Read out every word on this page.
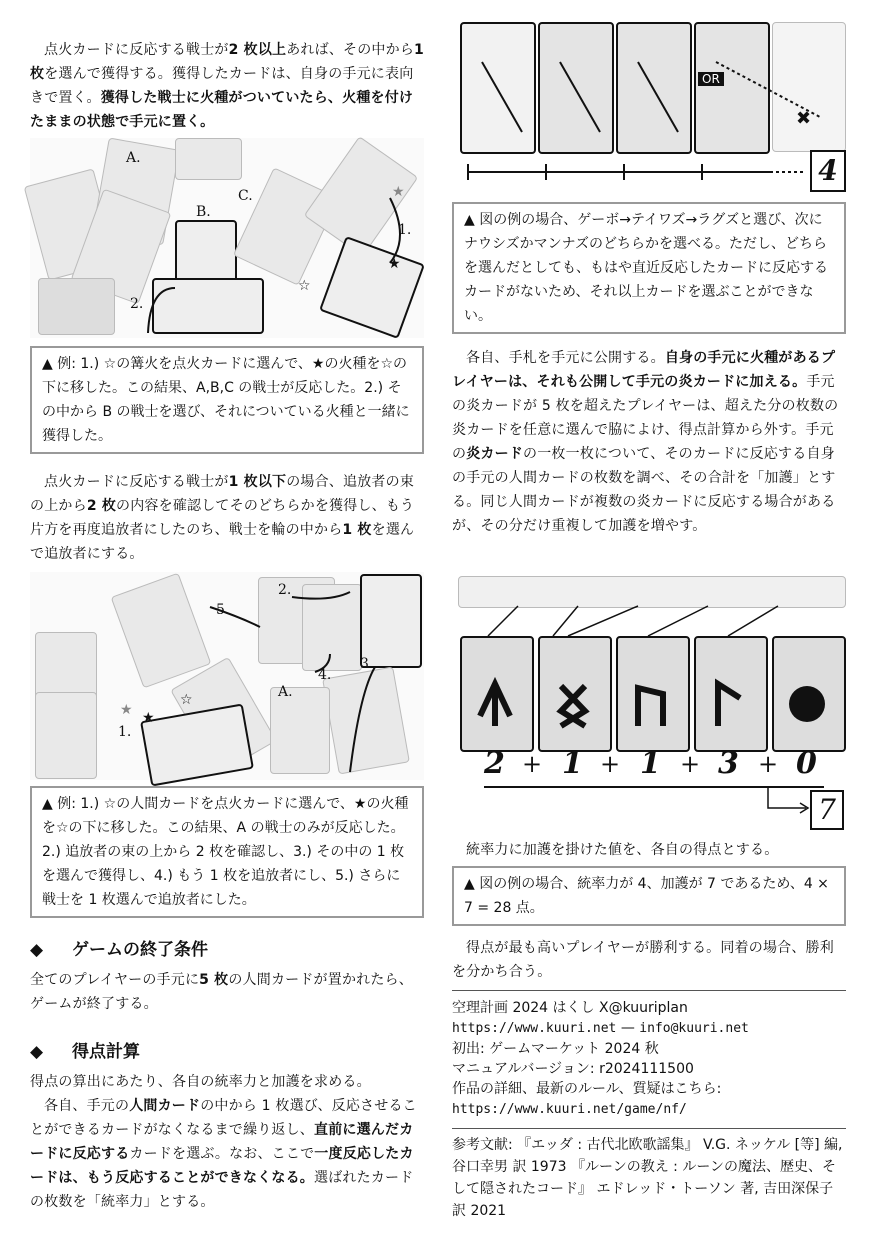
点火カードに反応する戦士が2 枚以上あれば、その中から1 枚を選んで獲得する。獲得したカードは、自身の手元に表向きで置く。獲得した戦士に火種がついていたら、火種を付けたままの状態で手元に置く。

A.
B.
C.
1.
2.
★
★
☆
▲ 例: 1.) ☆の篝火を点火カードに選んで、★の火種を☆の下に移した。この結果、A,B,C の戦士が反応した。2.) その中から B の戦士を選び、それについている火種と一緒に獲得した。

点火カードに反応する戦士が1 枚以下の場合、追放者の束の上から2 枚の内容を確認してそのどちらかを獲得し、もう片方を再度追放者にしたのち、戦士を輪の中から1 枚を選んで追放者にする。

5.
2.
4.
3.
A.
1.
★ ★
☆
▲ 例: 1.) ☆の人間カードを点火カードに選んで、★の火種を☆の下に移した。この結果、A の戦士のみが反応した。2.) 追放者の束の上から 2 枚を確認し、3.) その中の 1 枚を選んで獲得し、4.) もう 1 枚を追放者にし、5.) さらに戦士を 1 枚選んで追放者にした。
◆ ゲームの終了条件

全てのプレイヤーの手元に5 枚の人間カードが置かれたら、ゲームが終了する。

◆ 得点計算

得点の算出にあたり、各自の統率力と加護を求める。

各自、手元の人間カードの中から 1 枚選び、反応させることができるカードがなくなるまで繰り返し、直前に選んだカードに反応するカードを選ぶ。なお、ここで一度反応したカードは、もう反応することができなくなる。選ばれたカードの枚数を「統率力」とする。

OR
✖
4
▲ 図の例の場合、ゲーボ→テイワズ→ラグズと選び、次にナウシズかマンナズのどちらかを選べる。ただし、どちらを選んだとしても、もはや直近反応したカードに反応するカードがないため、それ以上カードを選ぶことができない。

各自、手札を手元に公開する。自身の手元に火種があるプレイヤーは、それも公開して手元の炎カードに加える。手元の炎カードが 5 枚を超えたプレイヤーは、超えた分の枚数の炎カードを任意に選んで脇によけ、得点計算から外す。手元の炎カードの一枚一枚について、そのカードに反応する自身の手元の人間カードの枚数を調べ、その合計を「加護」とする。同じ人間カードが複数の炎カードに反応する場合があるが、その分だけ重複して加護を増やす。

2 + 1 + 1 + 3 + 0
7

統率力に加護を掛けた値を、各自の得点とする。

▲ 図の例の場合、統率力が 4、加護が 7 であるため、4 × 7 = 28 点。

得点が最も高いプレイヤーが勝利する。同着の場合、勝利を分かち合う。

空理計画 2024 はくし X@kuuriplan
https://www.kuuri.net — info@kuuri.net
初出: ゲームマーケット 2024 秋
マニュアルバージョン: r2024111500
作品の詳細、最新のルール、質疑はこちら:
https://www.kuuri.net/game/nf/
参考文献: 『エッダ : 古代北欧歌謡集』 V.G. ネッケル [等] 編, 谷口幸男 訳 1973 『ルーンの教え : ルーンの魔法、歴史、そして隠されたコード』 エドレッド・トーソン 著, 吉田深保子 訳 2021
